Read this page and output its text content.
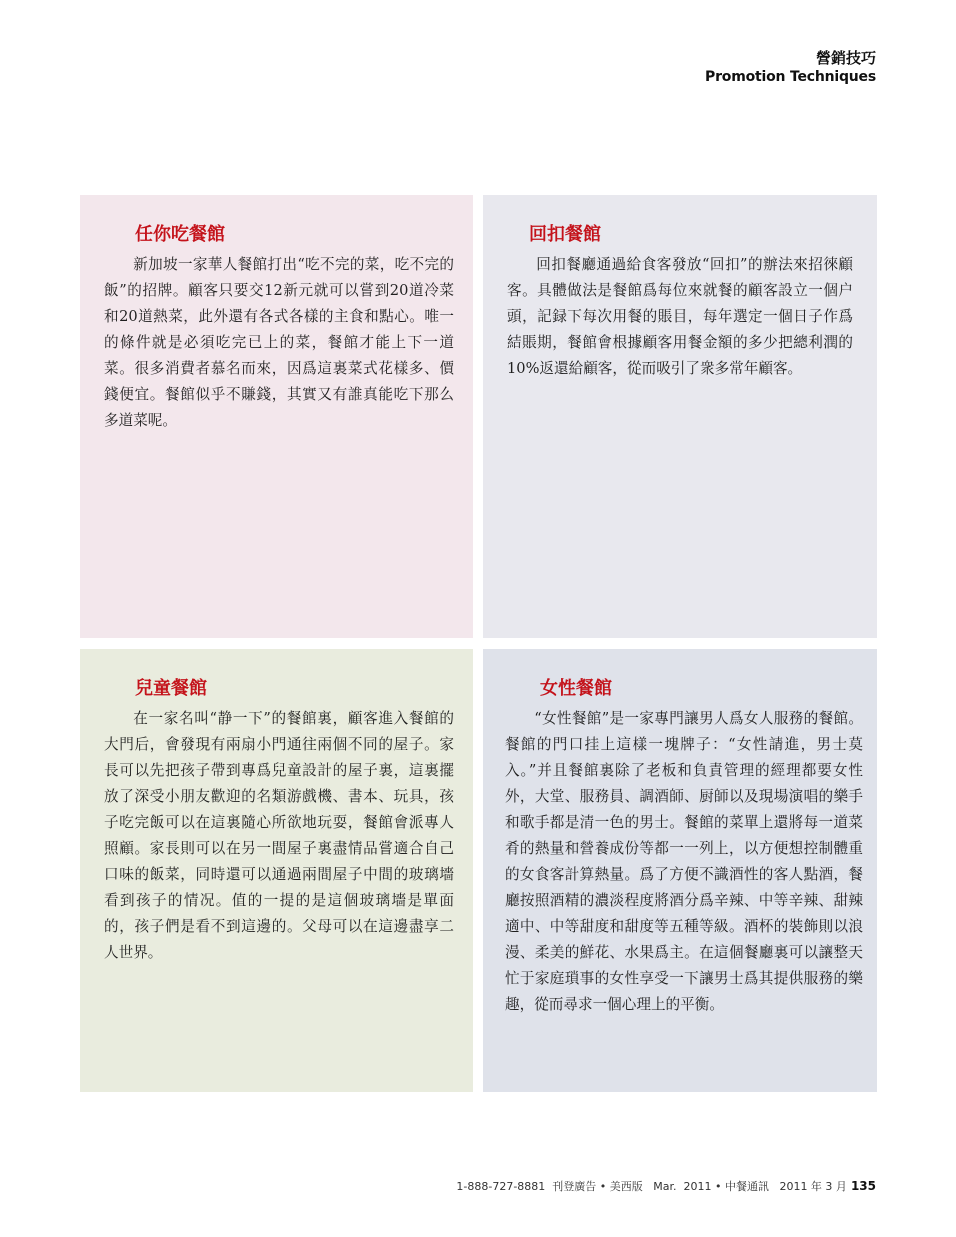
營銷技巧
Promotion Techniques
任你吃餐館
新加坡一家華人餐館打出“吃不完的菜，吃不完的飯”的招牌。顧客只要交12新元就可以嘗到20道冷菜和20道熱菜，此外還有各式各樣的主食和點心。唯一的條件就是必須吃完已上的菜，餐館才能上下一道菜。很多消費者慕名而來，因爲這裏菜式花樣多、價錢便宜。餐館似乎不賺錢，其實又有誰真能吃下那么多道菜呢。
回扣餐館
回扣餐廳通過給食客發放“回扣”的辦法來招徠顧客。具體做法是餐館爲每位來就餐的顧客設立一個户頭，記録下每次用餐的賬目，每年選定一個日子作爲結賬期，餐館會根據顧客用餐金額的多少把總利潤的10%返還給顧客，從而吸引了衆多常年顧客。
兒童餐館
在一家名叫“静一下”的餐館裏，顧客進入餐館的大門后，會發現有兩扇小門通往兩個不同的屋子。家長可以先把孩子帶到專爲兒童設計的屋子裏，這裏擺放了深受小朋友歡迎的名類游戲機、書本、玩具，孩子吃完飯可以在這裏隨心所欲地玩耍，餐館會派專人照顧。家長則可以在另一間屋子裏盡情品嘗適合自己口味的飯菜，同時還可以通過兩間屋子中間的玻璃墻看到孩子的情况。值的一提的是這個玻璃墻是單面的，孩子們是看不到這邊的。父母可以在這邊盡享二人世界。
女性餐館
“女性餐館”是一家專門讓男人爲女人服務的餐館。餐館的門口挂上這樣一塊牌子：“女性請進，男士莫入。”并且餐館裏除了老板和負責管理的經理都要女性外，大堂、服務員、調酒師、厨師以及現場演唱的樂手和歌手都是清一色的男士。餐館的菜單上還將每一道菜肴的熱量和營養成份等都一一列上，以方便想控制體重的女食客計算熱量。爲了方便不識酒性的客人點酒，餐廳按照酒精的濃淡程度將酒分爲辛辣、中等辛辣、甜辣適中、中等甜度和甜度等五種等級。酒杯的裝飾則以浪漫、柔美的鮮花、水果爲主。在這個餐廳裏可以讓整天忙于家庭瑣事的女性享受一下讓男士爲其提供服務的樂趣，從而尋求一個心理上的平衡。
1-888-727-8881  刊登廣告 • 美西版   Mar.  2011 • 中餐通訊   2011 年 3 月 135
